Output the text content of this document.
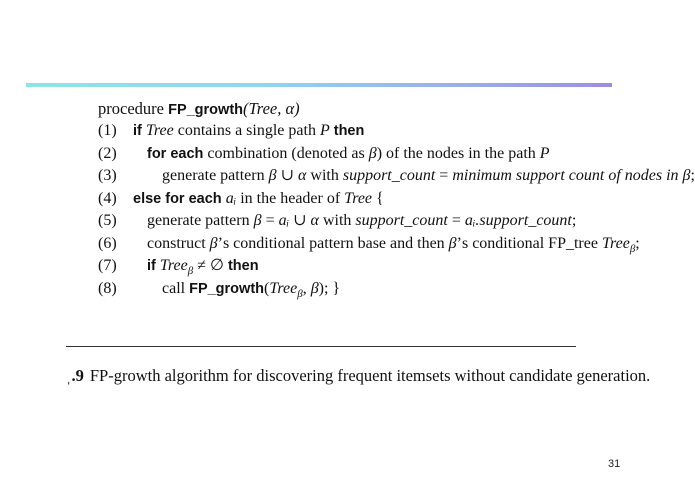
procedure FP_growth(Tree, α)
(1) if Tree contains a single path P then
(2) for each combination (denoted as β) of the nodes in the path P
(3)	generate pattern β ∪ α with support_count = minimum support count of nodes in β;
(4) else for each aᵢ in the header of Tree {
(5) generate pattern β = aᵢ ∪ α with support_count = aᵢ.support_count;
(6) construct β’s conditional pattern base and then β’s conditional FP_tree Tree$_\beta$;
(7) if Tree$_\beta$ ≠ ∅ then
(8)	call FP_growth(Tree$_\beta$, β); }
ˌ.9 FP-growth algorithm for discovering frequent itemsets without candidate generation.
31
